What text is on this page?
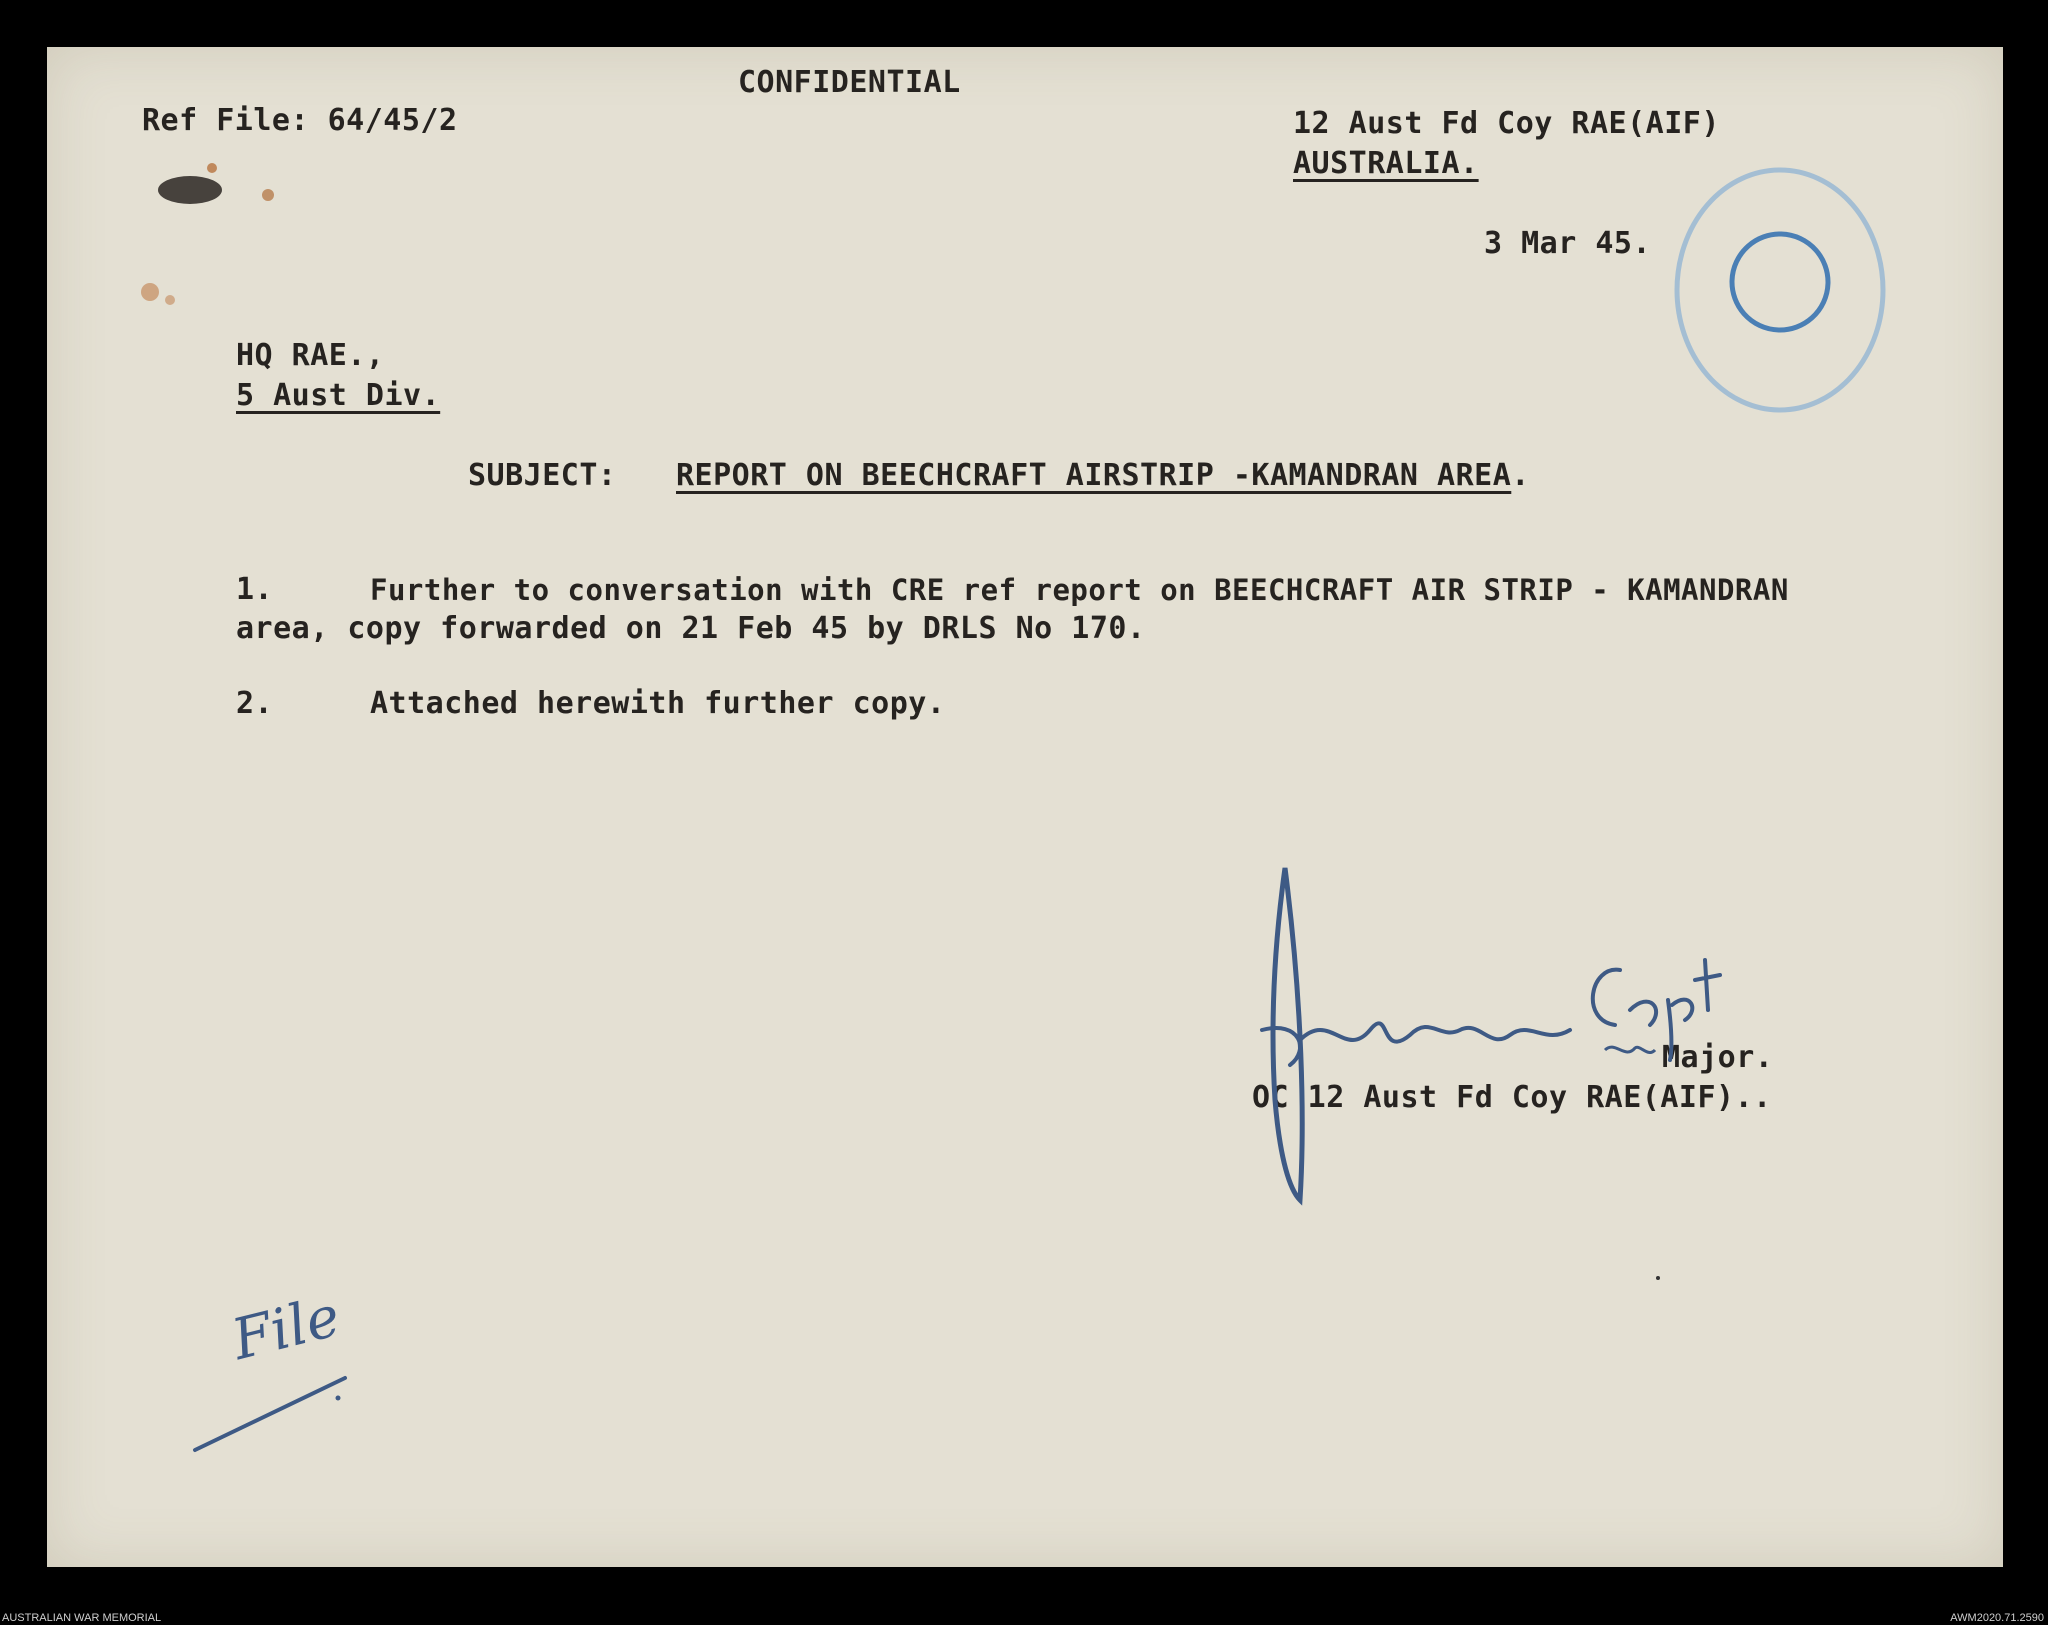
CONFIDENTIAL
Ref File: 64/45/2	12 Aust Fd Coy RAE(AIF)
AUSTRALIA.
3 Mar 45.
HQ RAE.,
5 Aust Div.
SUBJECT: REPORT ON BEECHCRAFT AIRSTRIP -KAMANDRAN AREA.
1.	Further to conversation with CRE ref report on BEECHCRAFT AIR STRIP - KAMANDRAN
area, copy forwarded on 21 Feb 45 by DRLS No 170.
2.	Attached herewith further copy.
Major.
OC 12 Aust Fd Coy RAE(AIF)..
File
AUSTRALIAN WAR MEMORIAL	AWM2020.71.2590
